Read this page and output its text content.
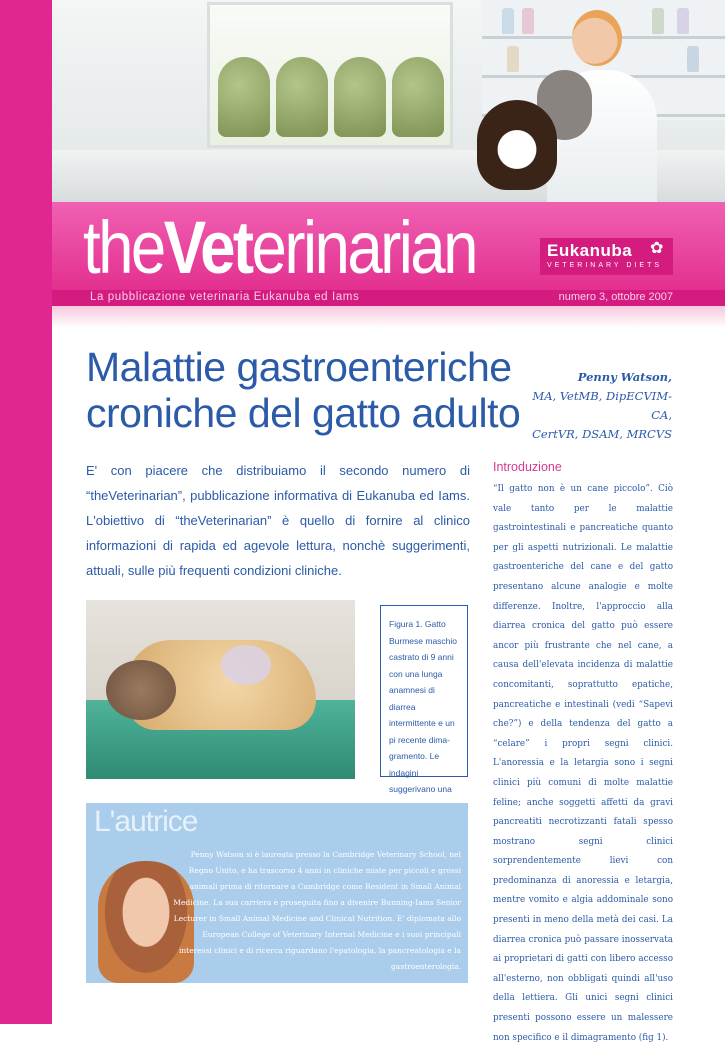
theVeterinarian	Eukanuba ✿
VETERINARY DIETS
La pubblicazione veterinaria Eukanuba ed Iams	numero 3, ottobre 2007
Malattie gastroenteriche
croniche del gatto adulto
Penny Watson,
MA, VetMB, DipECVIM-CA,
CertVR, DSAM, MRCVS
E' con piacere che distribuiamo il secondo numero di “theVeterinarian”, pubblicazione informativa di Eukanuba ed Iams. L'obiettivo di “theVeterinarian” è quello di fornire al clinico informazioni di rapida ed agevole lettura, nonchè suggerimenti, attuali, sulle più frequenti condizioni cliniche.
Figura 1. Gatto Burmese maschio castrato di 9 anni con una lunga anamnesi di diarrea intermittente e un pi recente dima-gramento. Le indagini suggerivano una
L'autrice
Penny Watson si è laureata presso la Cambridge Veterinary School, nel Regno Unito, e ha trascorso 4 anni in cliniche miste per piccoli e grossi animali prima di ritornare a Cambridge come Resident in Small Animal Medicine. La sua carriera è proseguita fino a divenire Bunning-Iams Senior Lecturer in Small Animal Medicine and Clinical Nutrition. E' diplomata allo European College of Veterinary Internal Medicine e i suoi principali interessi clinici e di ricerca riguardano l'epatologia, la pancreatologia e la gastroenterologia.
Introduzione
“Il gatto non è un cane piccolo”. Ciò vale tanto per le malattie gastrointestinali e pancreatiche quanto per gli aspetti nutrizionali. Le malattie gastroenteriche del cane e del gatto presentano alcune analogie e molte differenze. Inoltre, l'approccio alla diarrea cronica del gatto può essere ancor più frustrante che nel cane, a causa dell'elevata incidenza di malattie concomitanti, soprattutto epatiche, pancreatiche e intestinali (vedi “Sapevi che?”) e della tendenza del gatto a “celare” i propri segni clinici. L'anoressia e la letargia sono i segni clinici più comuni di molte malattie feline; anche soggetti affetti da gravi pancreatiti necrotizzanti fatali spesso mostrano segni clinici sorprendentemente lievi con predominanza di anoressia e letargia, mentre vomito e algia addominale sono presenti in meno della metà dei casi. La diarrea cronica può passare inosservata ai proprietari di gatti con libero accesso all'esterno, non obbligati quindi all'uso della lettiera. Gli unici segni clinici presenti possono essere un malessere non specifico e il dimagramento (fig 1).
